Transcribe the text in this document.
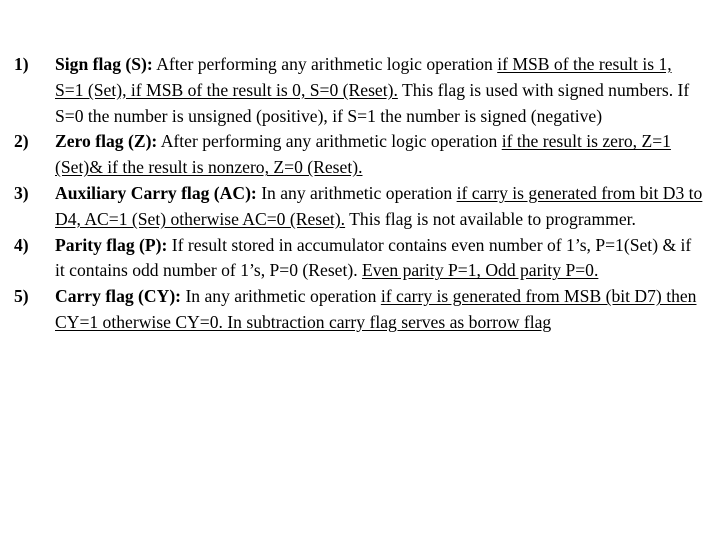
1) Sign flag (S): After performing any arithmetic logic operation if MSB of the result is 1, S=1 (Set), if MSB of the result is 0, S=0 (Reset). This flag is used with signed numbers. If S=0 the number is unsigned (positive), if S=1 the number is signed (negative)
2) Zero flag (Z): After performing any arithmetic logic operation if the result is zero, Z=1 (Set)& if the result is nonzero, Z=0 (Reset).
3) Auxiliary Carry flag (AC): In any arithmetic operation if carry is generated from bit D3 to D4, AC=1 (Set) otherwise AC=0 (Reset). This flag is not available to programmer.
4) Parity flag (P): If result stored in accumulator contains even number of 1’s, P=1(Set) & if it contains odd number of 1’s, P=0 (Reset). Even parity P=1, Odd parity P=0.
5) Carry flag (CY): In any arithmetic operation if carry is generated from MSB (bit D7) then CY=1 otherwise CY=0. In subtraction carry flag serves as borrow flag
